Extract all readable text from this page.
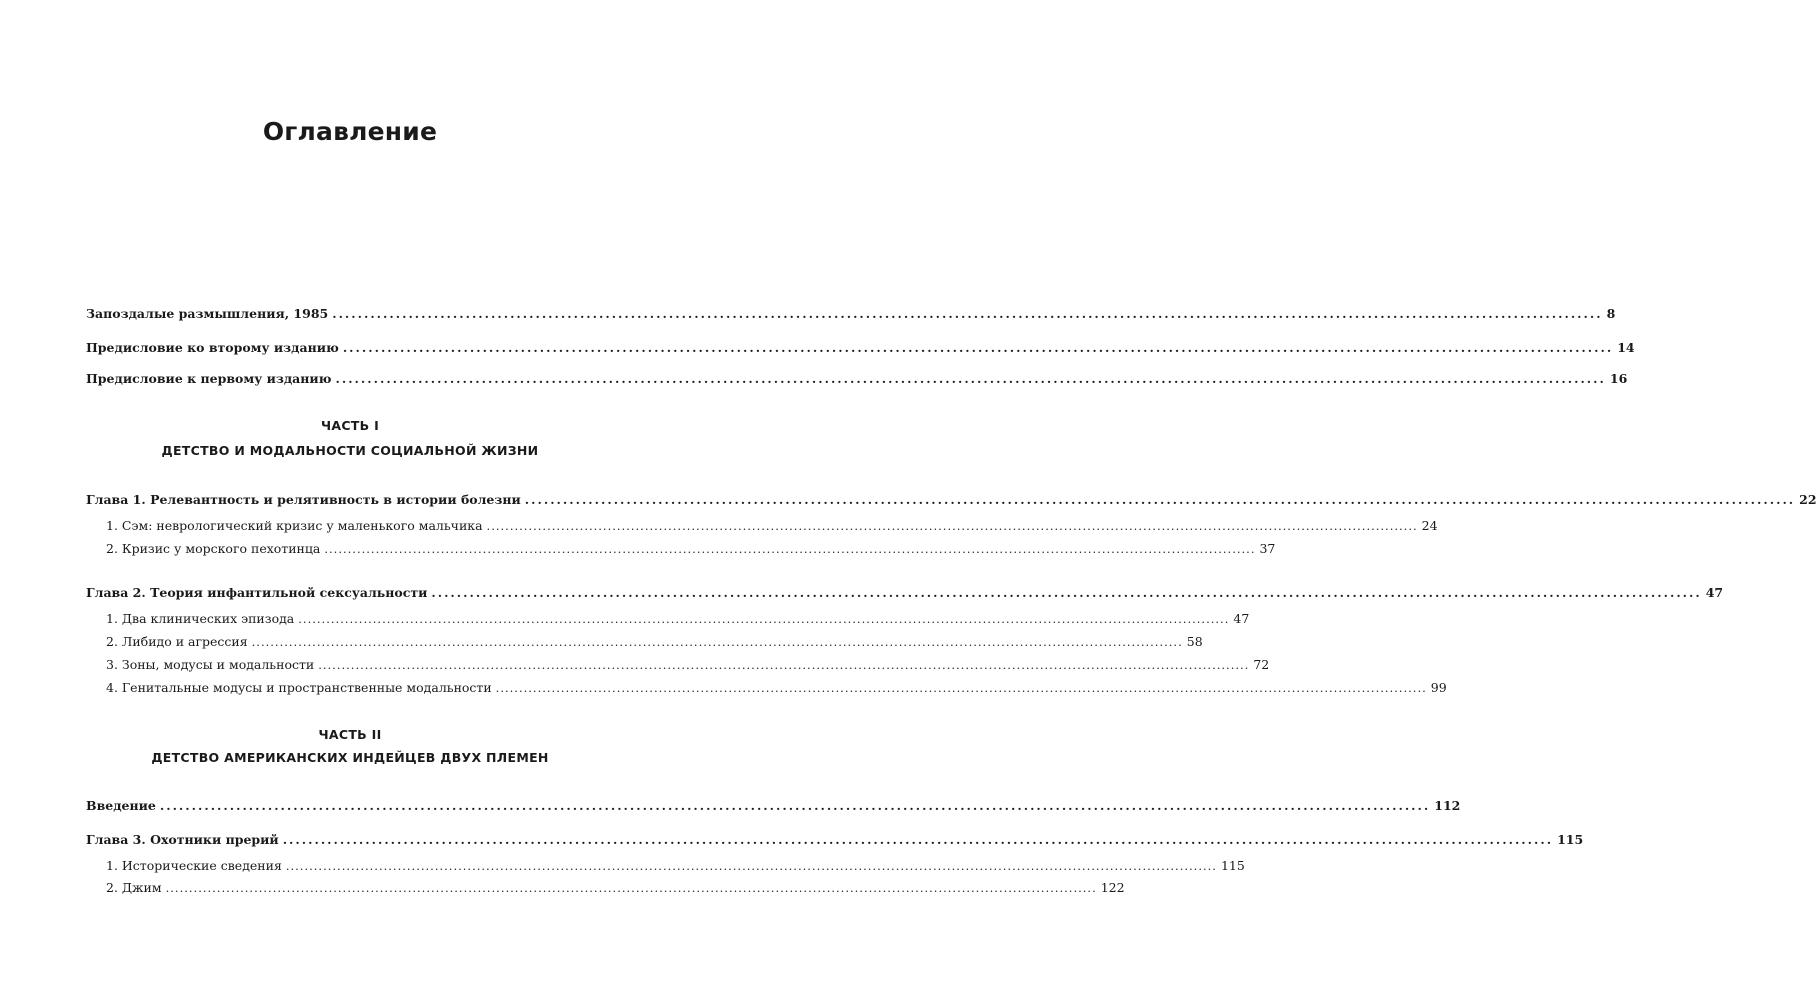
Оглавление
Запоздалые размышления, 1985 ........................................................................................................................................................................................................ 8
Предисловие ко второму изданию ........................................................................................................................................................................................................ 14
Предисловие к первому изданию ........................................................................................................................................................................................................ 16
ЧАСТЬ I
ДЕТСТВО И МОДАЛЬНОСТИ СОЦИАЛЬНОЙ ЖИЗНИ
Глава 1. Релевантность и релятивность в истории болезни ........................................................................................................................................................................................................ 22
1. Сэм: неврологический кризис у маленького мальчика ........................................................................................................................................................................................................ 24
2. Кризис у морского пехотинца ........................................................................................................................................................................................................ 37
Глава 2. Теория инфантильной сексуальности ........................................................................................................................................................................................................ 47
1. Два клинических эпизода ........................................................................................................................................................................................................ 47
2. Либидо и агрессия ........................................................................................................................................................................................................ 58
3. Зоны, модусы и модальности ........................................................................................................................................................................................................ 72
4. Генитальные модусы и пространственные модальности ........................................................................................................................................................................................................ 99
ЧАСТЬ II
ДЕТСТВО АМЕРИКАНСКИХ ИНДЕЙЦЕВ ДВУХ ПЛЕМЕН
Введение ........................................................................................................................................................................................................ 112
Глава 3. Охотники прерий ........................................................................................................................................................................................................ 115
1. Исторические сведения ........................................................................................................................................................................................................ 115
2. Джим ........................................................................................................................................................................................................ 122
